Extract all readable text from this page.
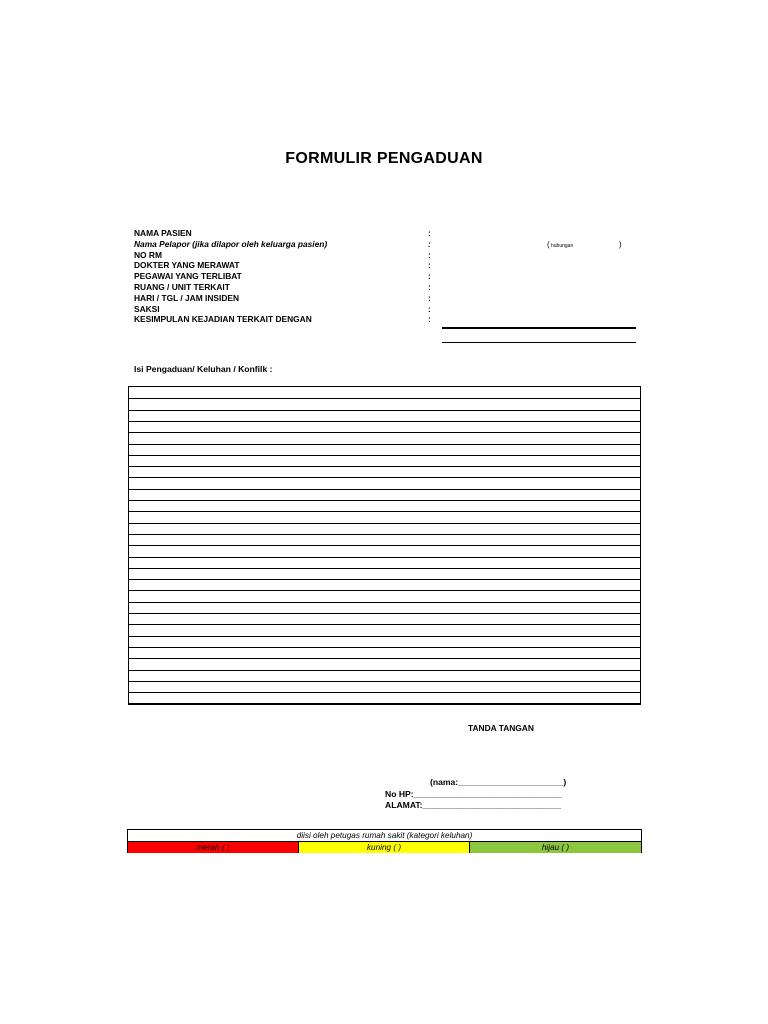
FORMULIR PENGADUAN
NAMA PASIEN	:
Nama Pelapor (jika dilapor oleh keluarga pasien)	:
NO RM	:
DOKTER YANG MERAWAT	:
PEGAWAI YANG TERLIBAT	:
RUANG / UNIT TERKAIT	:
HARI / TGL / JAM INSIDEN	:
SAKSI	:
KESIMPULAN KEJADIAN TERKAIT DENGAN	:
( hubungan	)
Isi Pengaduan/ Keluhan / Konfilk :
TANDA TANGAN
(nama:______________________)
No HP:_______________________________
ALAMAT:_____________________________
diisi oleh petugas rumah sakit (kategori keluhan)
merah ( )	kuning ( )	hijau ( )
